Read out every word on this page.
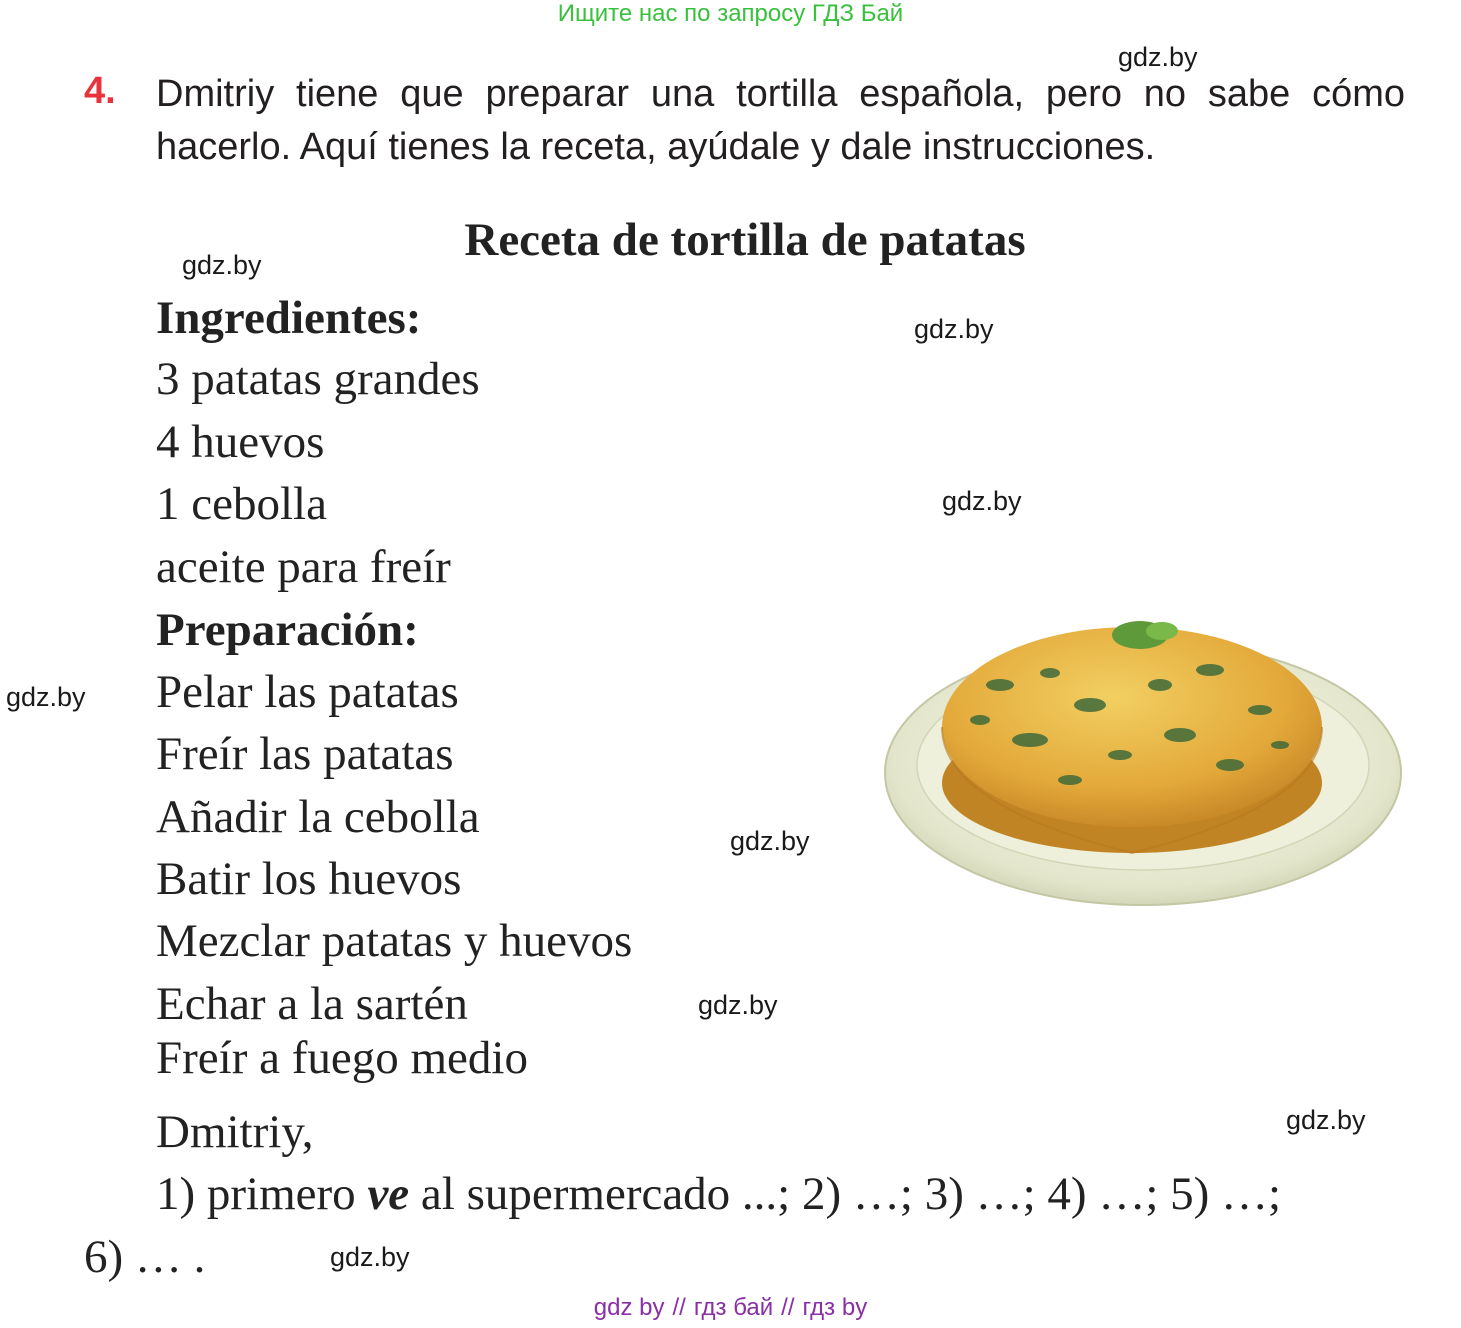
Ищите нас по запросу ГДЗ Бай
gdz.by
4. Dmitriy tiene que preparar una tortilla española, pero no sabe cómo hacerlo. Aquí tienes la receta, ayúdale y dale instrucciones.
Receta de tortilla de patatas
gdz.by
Ingredientes:	gdz.by
3 patatas grandes
4 huevos
1 cebolla	gdz.by
aceite para freír
Preparación:
gdz.by Pelar las patatas
Freír las patatas
Añadir la cebolla	gdz.by
Batir los huevos
Mezclar patatas y huevos
Echar a la sartén	gdz.by
Freír a fuego medio
gdz.by
Dmitriy,
1) primero ve al supermercado ...; 2) …; 3) …; 4) …; 5) …;
6) … .	gdz.by
gdz by // гдз бай // гдз by
